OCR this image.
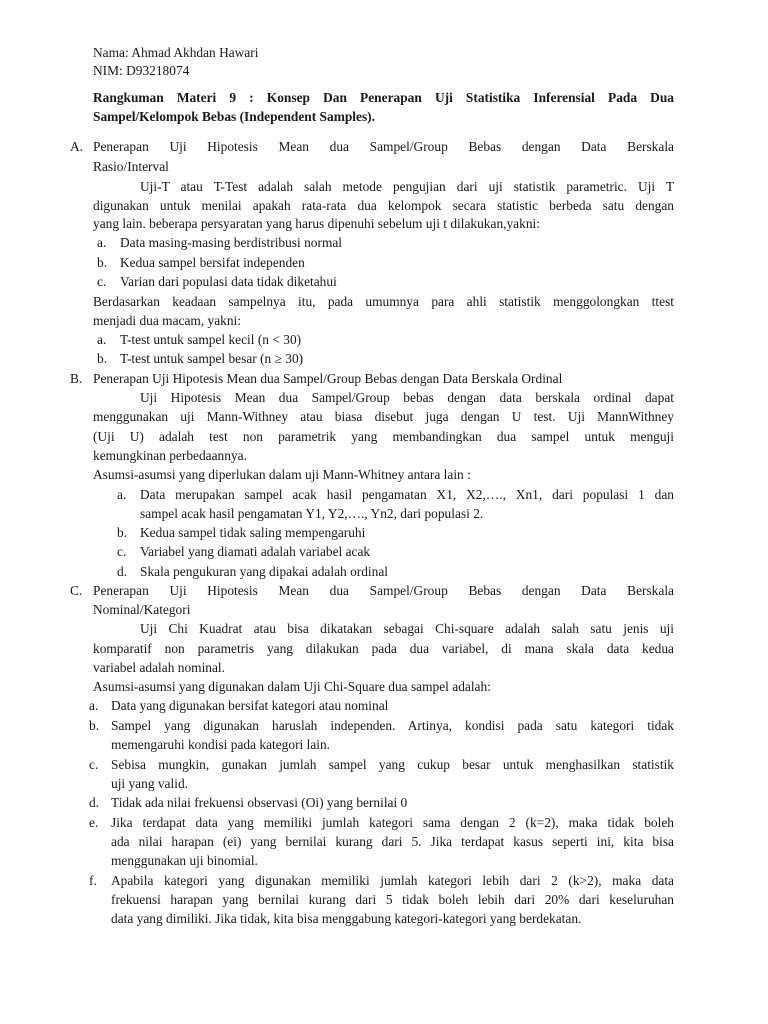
Nama: Ahmad Akhdan Hawari
NIM: D93218074
Rangkuman Materi 9 : Konsep Dan Penerapan Uji Statistika Inferensial Pada Dua
Sampel/Kelompok Bebas (Independent Samples).
A. Penerapan Uji Hipotesis Mean dua Sampel/Group Bebas dengan Data Berskala
Rasio/Interval
Uji-T atau T-Test adalah salah metode pengujian dari uji statistik parametric. Uji T
digunakan untuk menilai apakah rata-rata dua kelompok secara statistic berbeda satu dengan
yang lain. beberapa persyaratan yang harus dipenuhi sebelum uji t dilakukan,yakni:
a. Data masing-masing berdistribusi normal
b. Kedua sampel bersifat independen
c. Varian dari populasi data tidak diketahui
Berdasarkan keadaan sampelnya itu, pada umumnya para ahli statistik menggolongkan ttest
menjadi dua macam, yakni:
a. T-test untuk sampel kecil (n < 30)
b. T-test untuk sampel besar (n ≥ 30)
B. Penerapan Uji Hipotesis Mean dua Sampel/Group Bebas dengan Data Berskala Ordinal
Uji Hipotesis Mean dua Sampel/Group bebas dengan data berskala ordinal dapat
menggunakan uji Mann-Withney atau biasa disebut juga dengan U test. Uji MannWithney
(Uji U) adalah test non parametrik yang membandingkan dua sampel untuk menguji
kemungkinan perbedaannya.
Asumsi-asumsi yang diperlukan dalam uji Mann-Whitney antara lain :
a. Data merupakan sampel acak hasil pengamatan X1, X2,…., Xn1, dari populasi 1 dan
sampel acak hasil pengamatan Y1, Y2,…., Yn2, dari populasi 2.
b. Kedua sampel tidak saling mempengaruhi
c. Variabel yang diamati adalah variabel acak
d. Skala pengukuran yang dipakai adalah ordinal
C. Penerapan Uji Hipotesis Mean dua Sampel/Group Bebas dengan Data Berskala
Nominal/Kategori
Uji Chi Kuadrat atau bisa dikatakan sebagai Chi-square adalah salah satu jenis uji
komparatif non parametris yang dilakukan pada dua variabel, di mana skala data kedua
variabel adalah nominal.
Asumsi-asumsi yang digunakan dalam Uji Chi-Square dua sampel adalah:
a. Data yang digunakan bersifat kategori atau nominal
b. Sampel yang digunakan haruslah independen. Artinya, kondisi pada satu kategori tidak
memengaruhi kondisi pada kategori lain.
c. Sebisa mungkin, gunakan jumlah sampel yang cukup besar untuk menghasilkan statistik
uji yang valid.
d. Tidak ada nilai frekuensi observasi (Oi) yang bernilai 0
e. Jika terdapat data yang memiliki jumlah kategori sama dengan 2 (k=2), maka tidak boleh
ada nilai harapan (ei) yang bernilai kurang dari 5. Jika terdapat kasus seperti ini, kita bisa
menggunakan uji binomial.
f. Apabila kategori yang digunakan memiliki jumlah kategori lebih dari 2 (k>2), maka data
frekuensi harapan yang bernilai kurang dari 5 tidak boleh lebih dari 20% dari keseluruhan
data yang dimiliki. Jika tidak, kita bisa menggabung kategori-kategori yang berdekatan.
